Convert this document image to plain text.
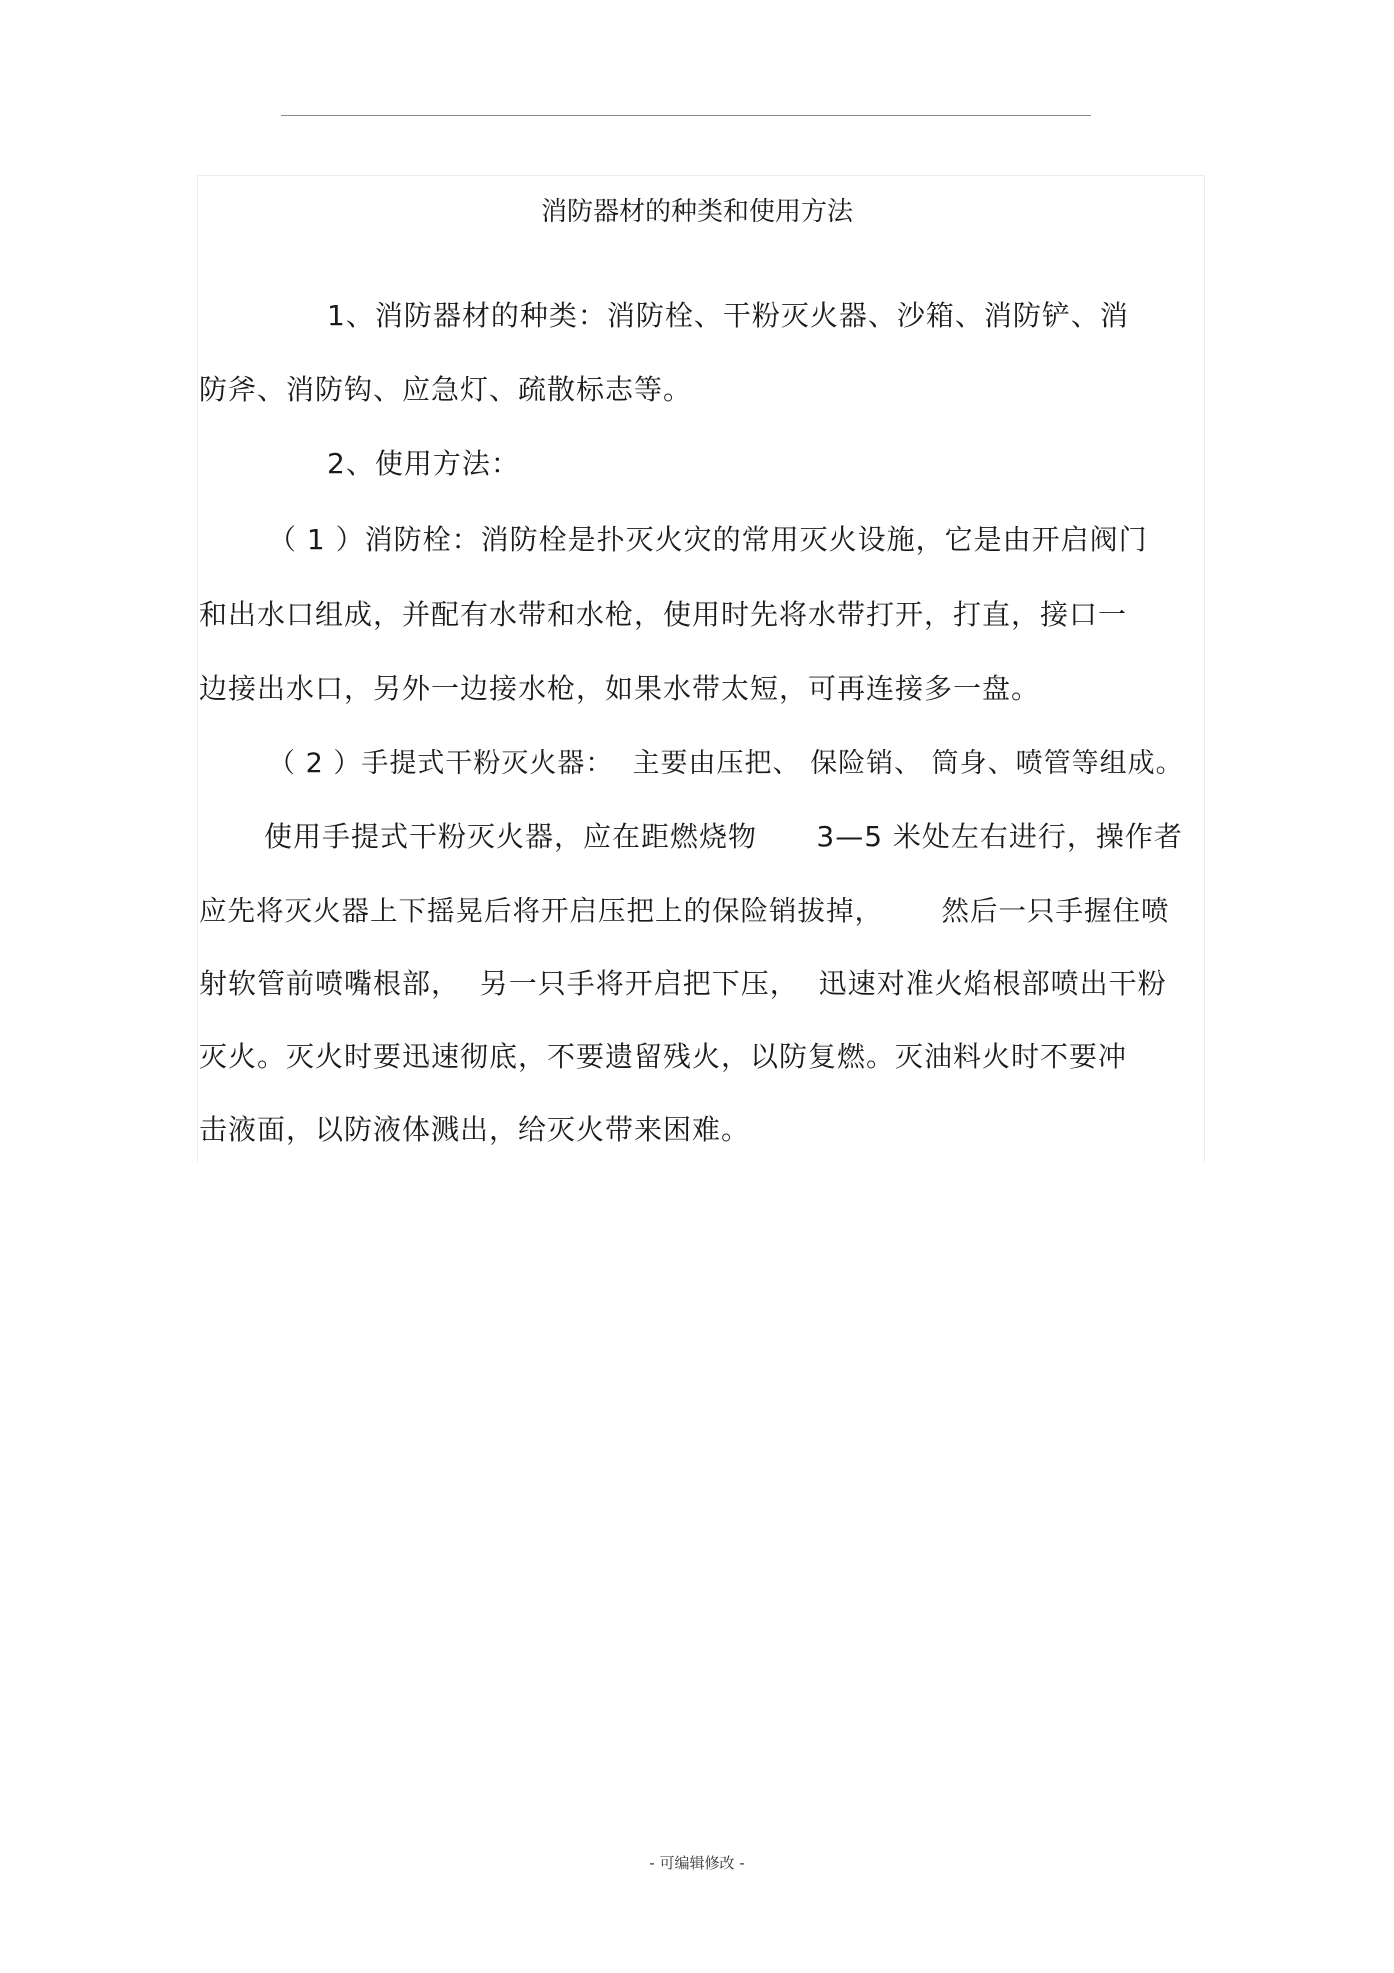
消防器材的种类和使用方法
1、消防器材的种类：消防栓、干粉灭火器、沙箱、消防铲、消
防斧、消防钩、应急灯、疏散标志等。
2、使用方法：
（ 1 ）消防栓：消防栓是扑灭火灾的常用灭火设施，它是由开启阀门
和出水口组成，并配有水带和水枪，使用时先将水带打开，打直，接口一
边接出水口，另外一边接水枪，如果水带太短，可再连接多一盘。
（ 2 ）手提式干粉灭火器：  主要由压把、 保险销、 筒身、喷管等组成。
使用手提式干粉灭火器，应在距燃烧物      3—5 米处左右进行，操作者
应先将灭火器上下摇晃后将开启压把上的保险销拔掉，      然后一只手握住喷
射软管前喷嘴根部，  另一只手将开启把下压，  迅速对准火焰根部喷出干粉
灭火。灭火时要迅速彻底，不要遗留残火，以防复燃。灭油料火时不要冲
击液面，以防液体溅出，给灭火带来困难。
- 可编辑修改 -
